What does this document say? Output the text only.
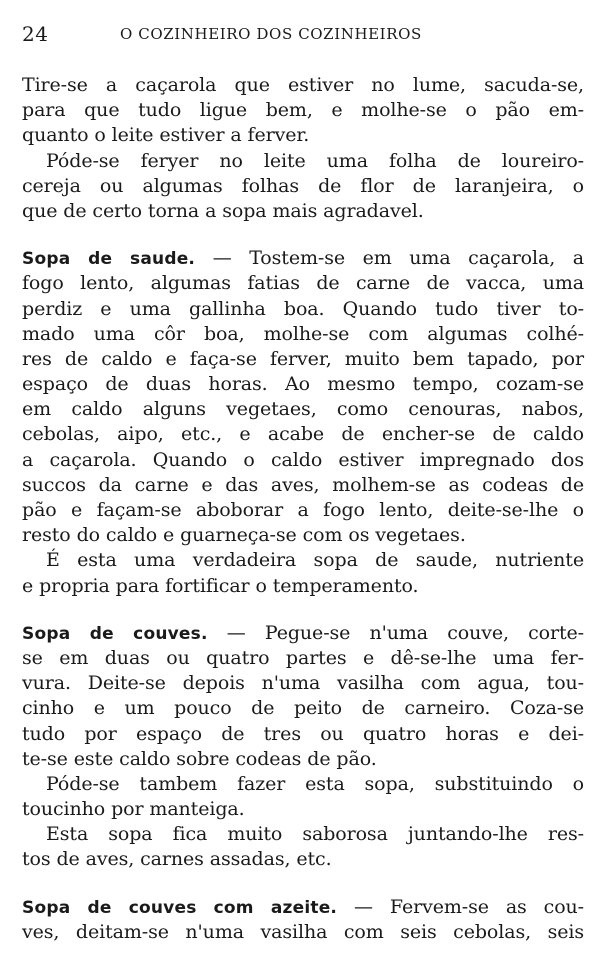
24	O COZINHEIRO DOS COZINHEIROS
Tire-se a caçarola que estiver no lume, sacuda-se,
para que tudo ligue bem, e molhe-se o pão em-
quanto o leite estiver a ferver.
Póde-se feryer no leite uma folha de loureiro-
cereja ou algumas folhas de flor de laranjeira, o
que de certo torna a sopa mais agradavel.
Sopa de saude. — Tostem-se em uma caçarola, a
fogo lento, algumas fatias de carne de vacca, uma
perdiz e uma gallinha boa. Quando tudo tiver to-
mado uma côr boa, molhe-se com algumas colhé-
res de caldo e faça-se ferver, muito bem tapado, por
espaço de duas horas. Ao mesmo tempo, cozam-se
em caldo alguns vegetaes, como cenouras, nabos,
cebolas, aipo, etc., e acabe de encher-se de caldo
a caçarola. Quando o caldo estiver impregnado dos
succos da carne e das aves, molhem-se as codeas de
pão e façam-se aboborar a fogo lento, deite-se-lhe o
resto do caldo e guarneça-se com os vegetaes.
É esta uma verdadeira sopa de saude, nutriente
e propria para fortificar o temperamento.
Sopa de couves. — Pegue-se n'uma couve, corte-
se em duas ou quatro partes e dê-se-lhe uma fer-
vura. Deite-se depois n'uma vasilha com agua, tou-
cinho e um pouco de peito de carneiro. Coza-se
tudo por espaço de tres ou quatro horas e dei-
te-se este caldo sobre codeas de pão.
Póde-se tambem fazer esta sopa, substituindo o
toucinho por manteiga.
Esta sopa fica muito saborosa juntando-lhe res-
tos de aves, carnes assadas, etc.
Sopa de couves com azeite. — Fervem-se as cou-
ves, deitam-se n'uma vasilha com seis cebolas, seis
